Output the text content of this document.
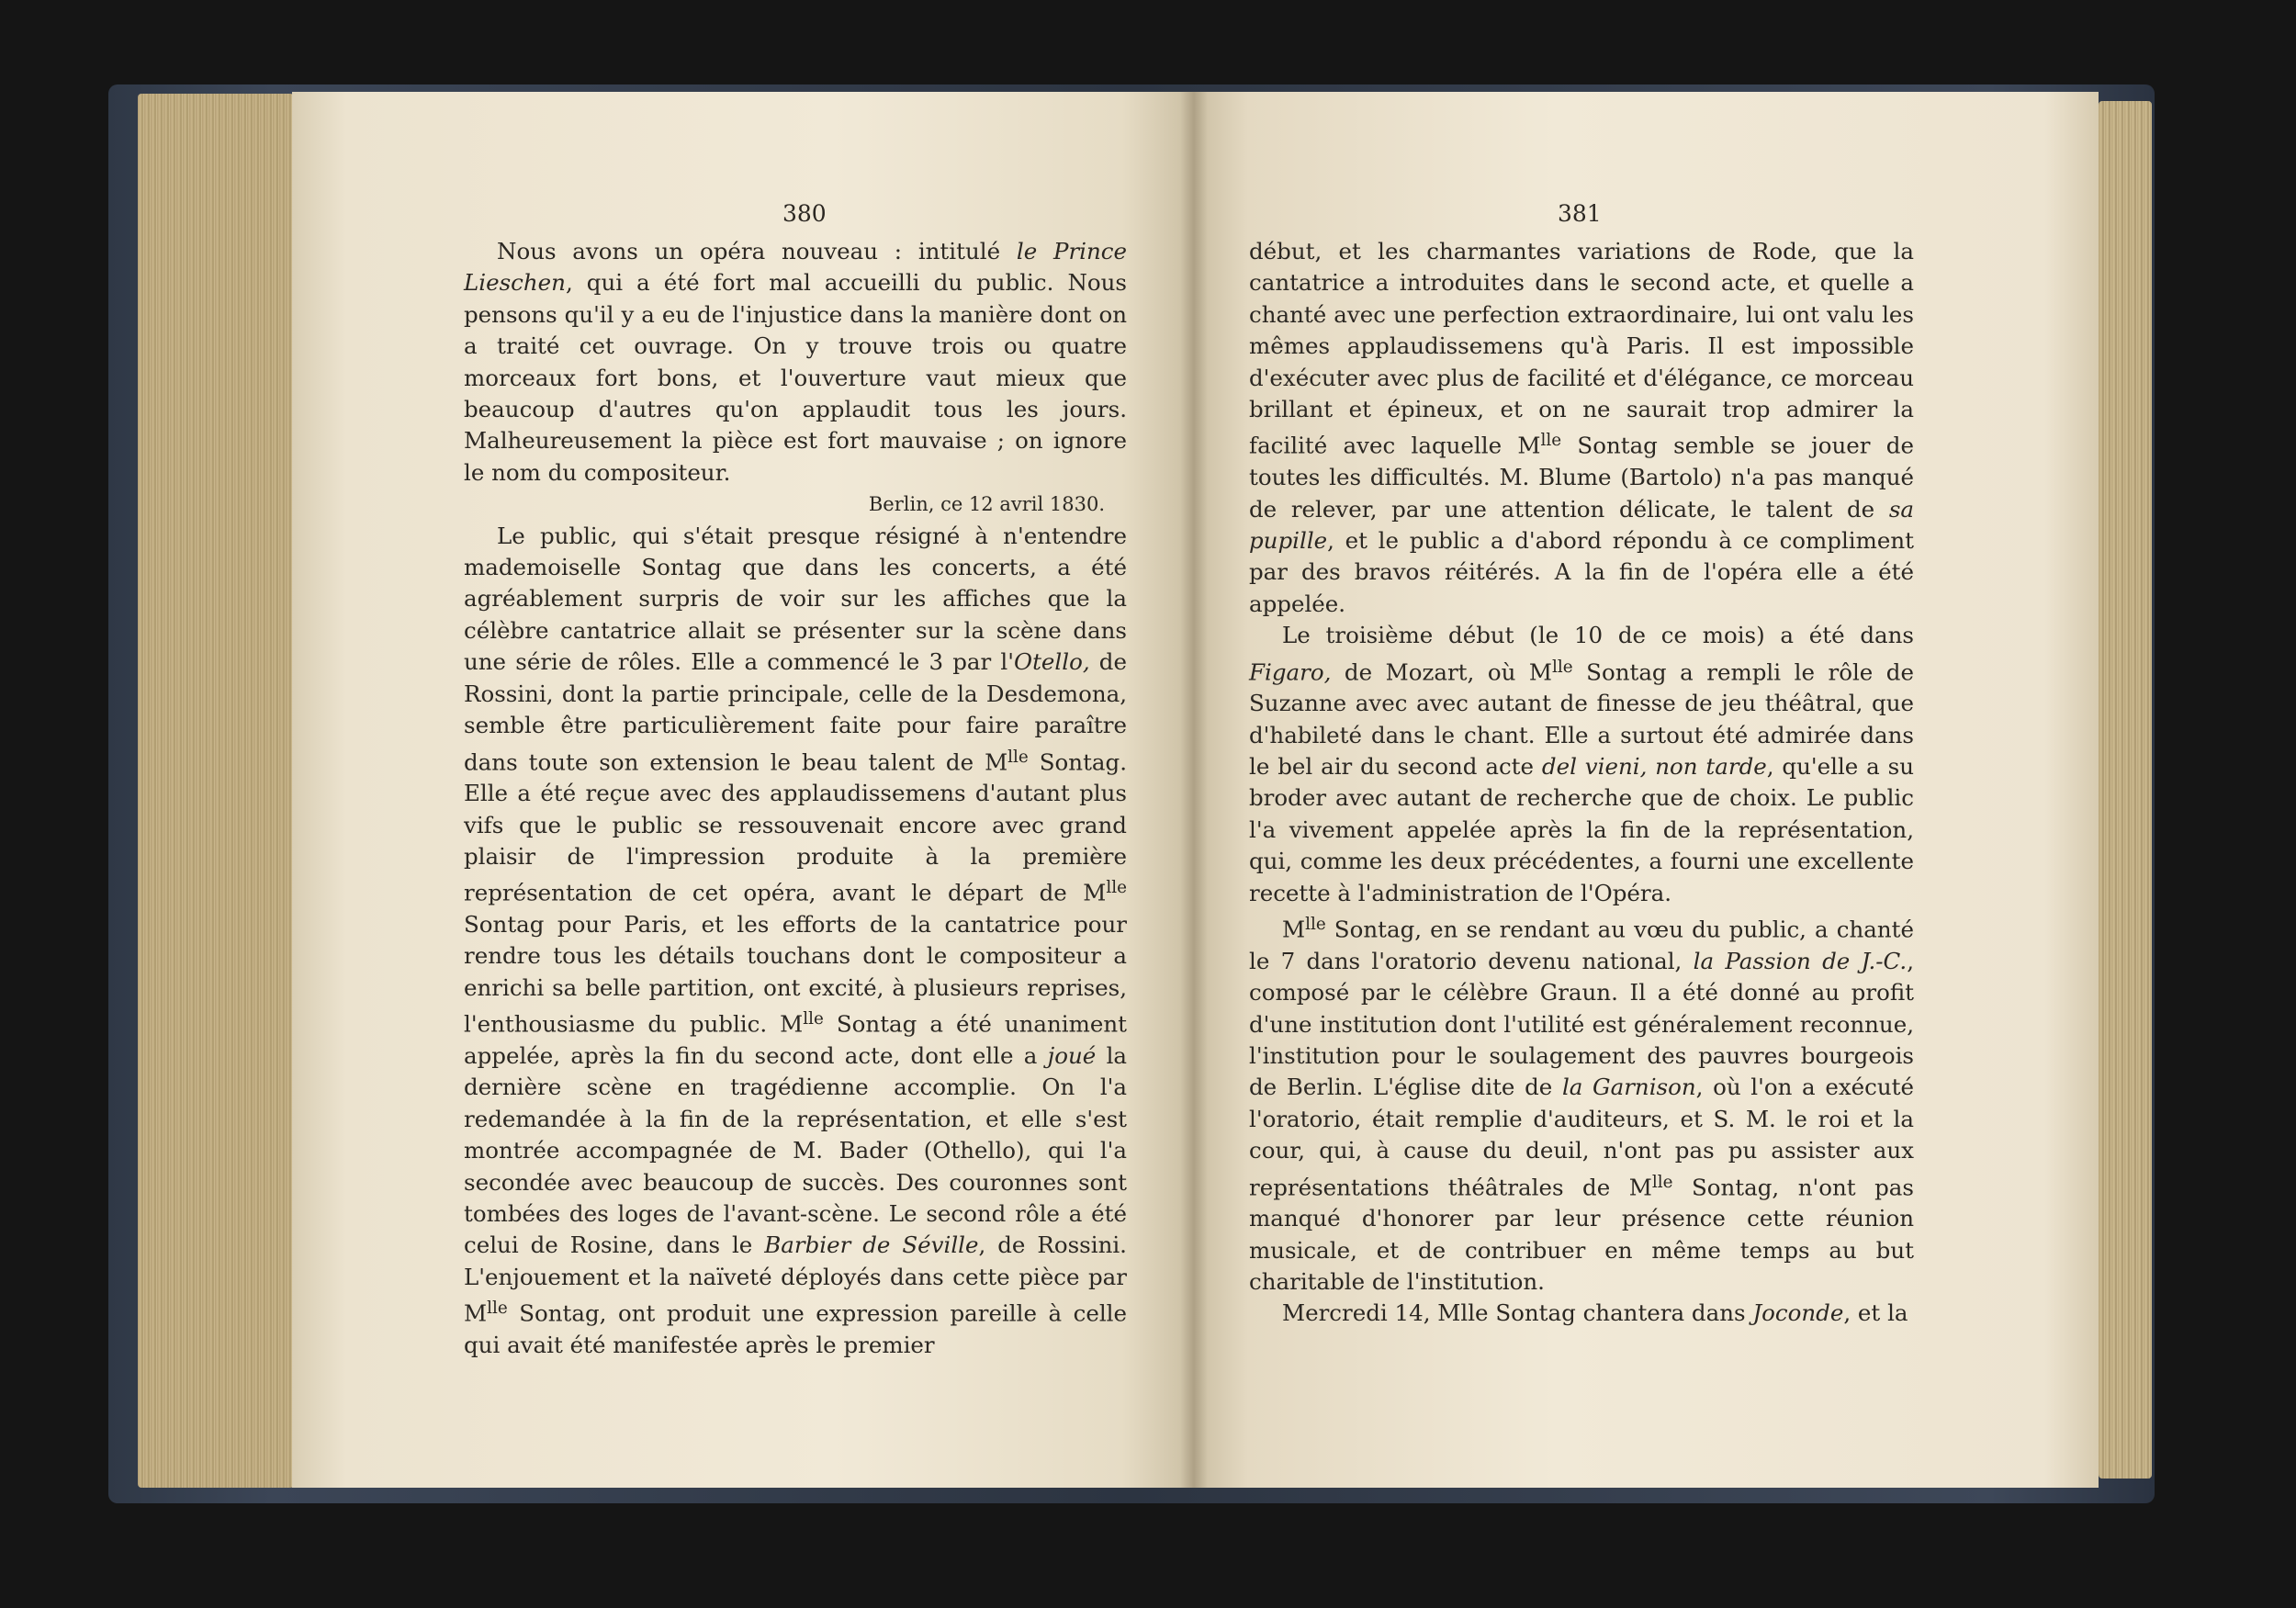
380	381

Nous avons un opéra nouveau : intitulé le Prince Lieschen, qui a été fort mal accueilli du public. Nous pensons qu'il y a eu de l'injustice dans la manière dont on a traité cet ouvrage. On y trouve trois ou quatre morceaux fort bons, et l'ouverture vaut mieux que beaucoup d'autres qu'on applaudit tous les jours. Malheureusement la pièce est fort mauvaise ; on ignore le nom du compositeur.

Berlin, ce 12 avril 1830.

Le public, qui s'était presque résigné à n'entendre mademoiselle Sontag que dans les concerts, a été agréablement surpris de voir sur les affiches que la célèbre cantatrice allait se présenter sur la scène dans une série de rôles. Elle a commencé le 3 par l'Otello, de Rossini, dont la partie principale, celle de la Desdemona, semble être particulièrement faite pour faire paraître dans toute son extension le beau talent de $M^{lle}$ Sontag. Elle a été reçue avec des applaudissemens d'autant plus vifs que le public se ressouvenait encore avec grand plaisir de l'impression produite à la première représentation de cet opéra, avant le départ de $M^{lle}$ Sontag pour Paris, et les efforts de la cantatrice pour rendre tous les détails touchans dont le compositeur a enrichi sa belle partition, ont excité, à plusieurs reprises, l'enthousiasme du public. $M^{lle}$ Sontag a été unaniment appelée, après la fin du second acte, dont elle a joué la dernière scène en tragédienne accomplie. On l'a redemandée à la fin de la représentation, et elle s'est montrée accompagnée de M. Bader (Othello), qui l'a secondée avec beaucoup de succès. Des couronnes sont tombées des loges de l'avant-scène. Le second rôle a été celui de Rosine, dans le Barbier de Séville, de Rossini. L'enjouement et la naïveté déployés dans cette pièce par $M^{lle}$ Sontag, ont produit une expression pareille à celle qui avait été manifestée après le premier

début, et les charmantes variations de Rode, que la cantatrice a introduites dans le second acte, et quelle a chanté avec une perfection extraordinaire, lui ont valu les mêmes applaudissemens qu'à Paris. Il est impossible d'exécuter avec plus de facilité et d'élégance, ce morceau brillant et épineux, et on ne saurait trop admirer la facilité avec laquelle $M^{lle}$ Sontag semble se jouer de toutes les difficultés. M. Blume (Bartolo) n'a pas manqué de relever, par une attention délicate, le talent de sa pupille, et le public a d'abord répondu à ce compliment par des bravos réitérés. A la fin de l'opéra elle a été appelée.

Le troisième début (le 10 de ce mois) a été dans Figaro, de Mozart, où $M^{lle}$ Sontag a rempli le rôle de Suzanne avec avec autant de finesse de jeu théâtral, que d'habileté dans le chant. Elle a surtout été admirée dans le bel air du second acte del vieni, non tarde, qu'elle a su broder avec autant de recherche que de choix. Le public l'a vivement appelée après la fin de la représentation, qui, comme les deux précédentes, a fourni une excellente recette à l'administration de l'Opéra.

$M^{lle}$ Sontag, en se rendant au vœu du public, a chanté le 7 dans l'oratorio devenu national, la Passion de J.-C., composé par le célèbre Graun. Il a été donné au profit d'une institution dont l'utilité est généralement reconnue, l'institution pour le soulagement des pauvres bourgeois de Berlin. L'église dite de la Garnison, où l'on a exécuté l'oratorio, était remplie d'auditeurs, et S. M. le roi et la cour, qui, à cause du deuil, n'ont pas pu assister aux représentations théâtrales de $M^{lle}$ Sontag, n'ont pas manqué d'honorer par leur présence cette réunion musicale, et de contribuer en même temps au but charitable de l'institution.

Mercredi 14, Mlle Sontag chantera dans Joconde, et la
